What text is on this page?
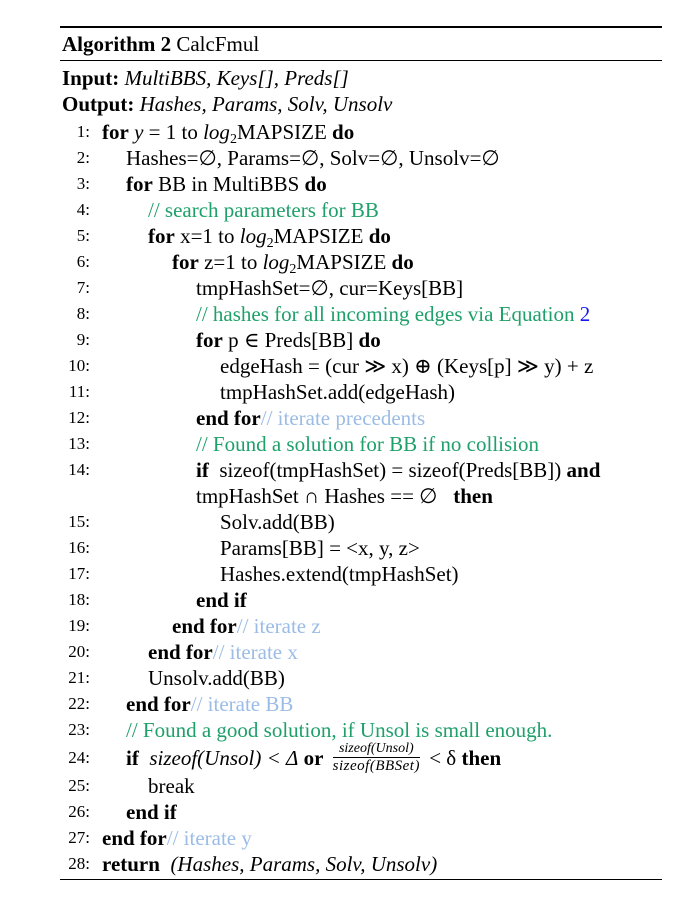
Algorithm 2 CalcFmul
Input: MultiBBS, Keys[], Preds[]
Output: Hashes, Params, Solv, Unsolv
1: for y = 1 to $\log_2MAPSIZE$ do
2: Hashes=∅, Params=∅, Solv=∅, Unsolv=∅
3: for BB in MultiBBS do
4:	// search parameters for BB
5:	for x=1 to $\log_2MAPSIZE$ do
6:	for z=1 to $\log_2MAPSIZE$ do
7:	tmpHashSet=∅, cur=Keys[BB]
8:	// hashes for all incoming edges via Equation 2
9:	for p ∈ Preds[BB] do
10:	edgeHash = (cur ≫ x) ⊕ (Keys[p] ≫ y) + z
11:	tmpHashSet.add(edgeHash)
12:	end for// iterate precedents
13:	// Found a solution for BB if no collision
14:	if  sizeof(tmpHashSet) = sizeof(Preds[BB]) and
tmpHashSet ∩ Hashes == ∅   then
15:	Solv.add(BB)
16:	Params[BB] = <x, y, z>
17:	Hashes.extend(tmpHashSet)
18:	end if
19:	end for// iterate z
20:	end for// iterate x
21:	Unsolv.add(BB)
22: end for// iterate BB
23: // Found a good solution, if Unsol is small enough.
24: if sizeof(Unsol) < Δ or $\frac{\text{sizeof(Unsol)}}{\text{sizeof(BBSet)}} < \delta$ then
25:	break
26: end if
27: end for// iterate y
28: return (Hashes, Params, Solv, Unsolv)
